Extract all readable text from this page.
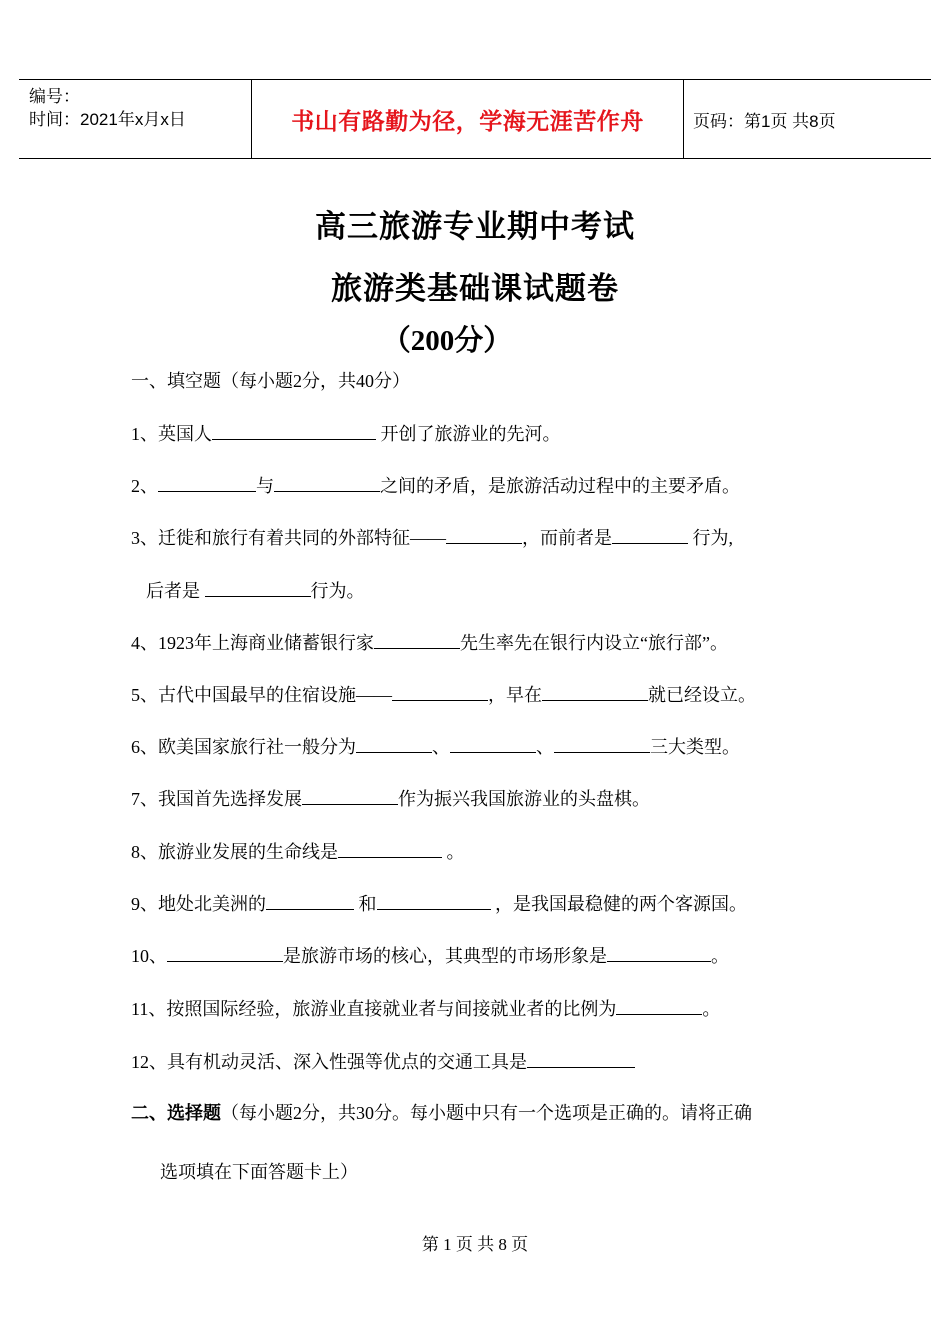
编号：
时间：2021年x月x日	书山有路勤为径，学海无涯苦作舟	页码：第1页 共8页
高三旅游专业期中考试
旅游类基础课试题卷
（200分）
一、填空题（每小题2分，共40分）
1、英国人	开创了旅游业的先河。
2、	与	之间的矛盾，是旅游活动过程中的主要矛盾。
3、迁徙和旅行有着共同的外部特征——	，而前者是	行为,
后者是	行为。
4、1923年上海商业储蓄银行家	先生率先在银行内设立“旅行部”。
5、古代中国最早的住宿设施——	，早在	就已经设立。
6、欧美国家旅行社一般分为	、	、	三大类型。
7、我国首先选择发展	作为振兴我国旅游业的头盘棋。
8、旅游业发展的生命线是	。
9、地处北美洲的	和	，是我国最稳健的两个客源国。
10、	是旅游市场的核心，其典型的市场形象是	。
11、按照国际经验，旅游业直接就业者与间接就业者的比例为	。
12、具有机动灵活、深入性强等优点的交通工具是
二、选择题（每小题2分，共30分。每小题中只有一个选项是正确的。请将正确
选项填在下面答题卡上）
第 1 页 共 8 页
